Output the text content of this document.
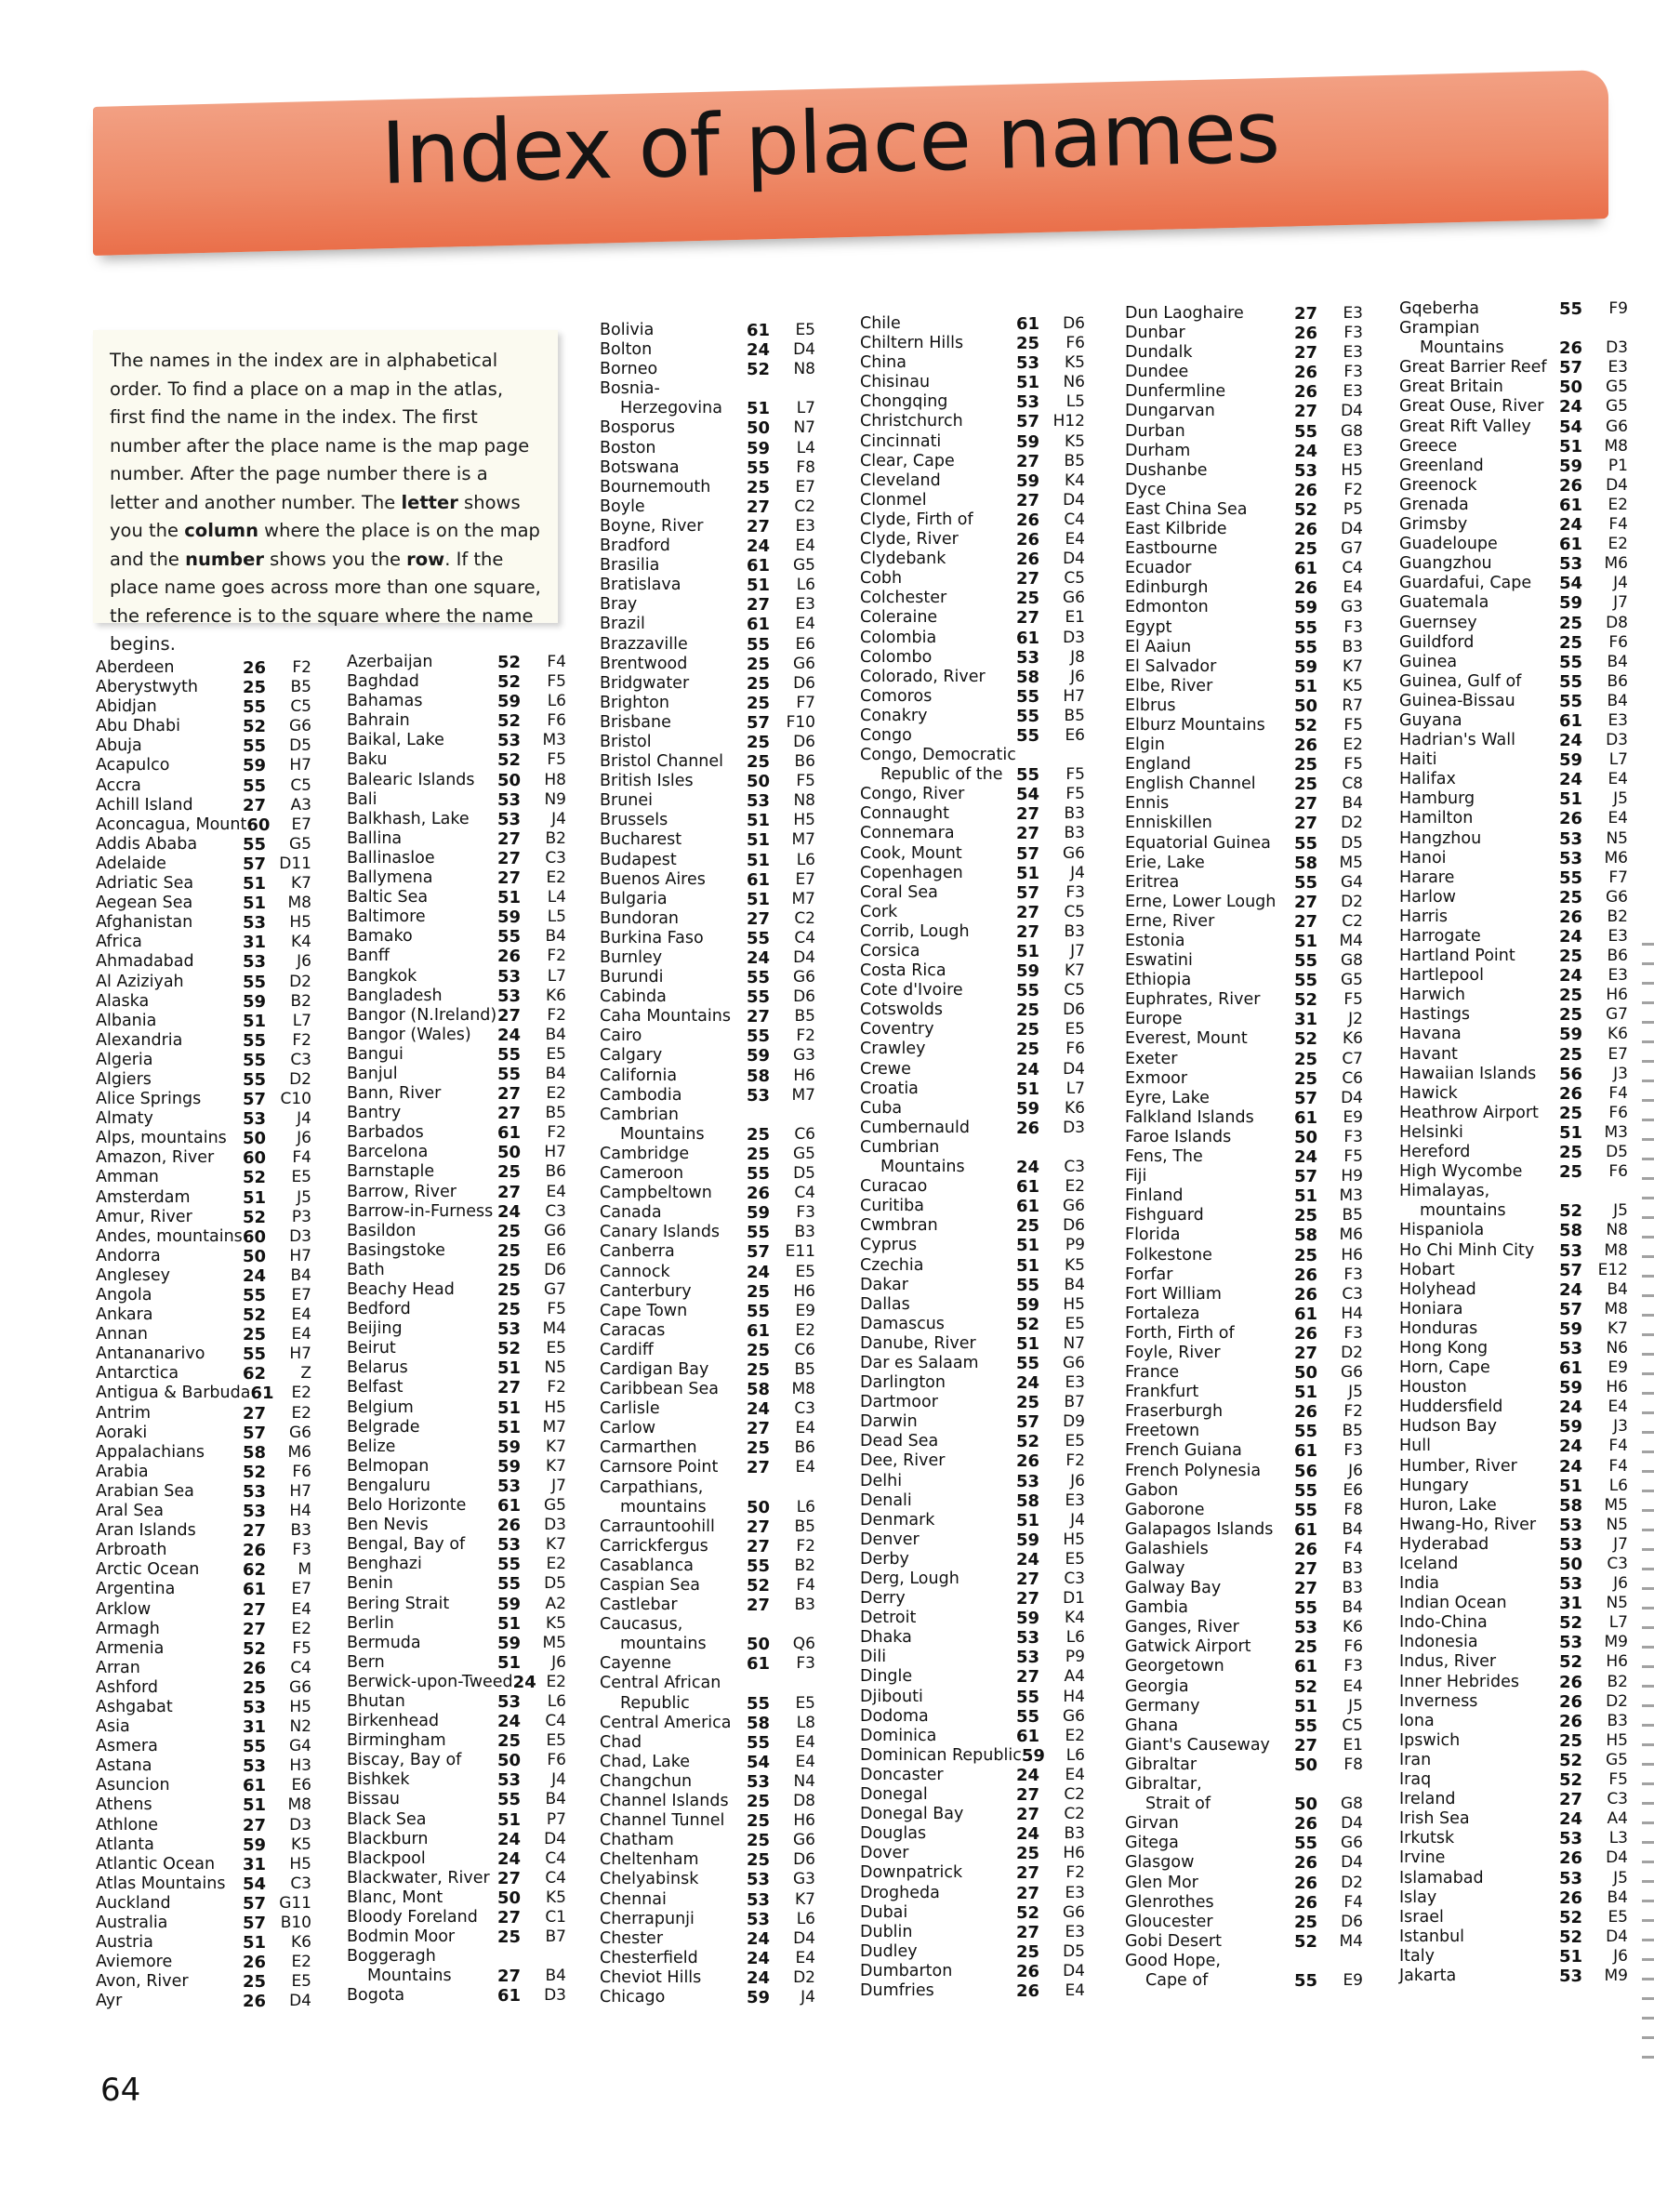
Index of place names
The names in the index are in alphabetical order. To find a place on a map in the atlas, first find the name in the index. The first number after the place name is the map page number. After the page number there is a letter and another number. The letter shows you the column where the place is on the map and the number shows you the row. If the place name goes across more than one square, the reference is to the square where the name begins.
Aberdeen	26	F2
Aberystwyth	25	B5
Abidjan	55	C5
Abu Dhabi	52	G6
Abuja	55	D5
Acapulco	59	H7
Accra	55	C5
Achill Island	27	A3
Aconcagua, Mount 60	E7
Addis Ababa	55	G5
Adelaide	57 D11
Adriatic Sea	51	K7
Aegean Sea	51	M8
Afghanistan	53	H5
Africa	31	K4
Ahmadabad	53	J6
Al Aziziyah	55	D2
Alaska	59	B2
Albania	51	L7
Alexandria	55	F2
Algeria	55	C3
Algiers	55	D2
Alice Springs	57 C10
Almaty	53	J4
Alps, mountains 50	J6
Amazon, River	60	F4
Amman	52	E5
Amsterdam	51	J5
Amur, River	52	P3
Andes, mountains 60	D3
Andorra	50	H7
Anglesey	24	B4
Angola	55	E7
Ankara	52	E4
Annan	25	E4
Antananarivo	55	H7
Antarctica	62	Z
Antigua & Barbuda 61	E2
Antrim	27	E2
Aoraki	57	G6
Appalachians	58	M6
Arabia	52	F6
Arabian Sea	53	H7
Aral Sea	53	H4
Aran Islands	27	B3
Arbroath	26	F3
Arctic Ocean	62	M
Argentina	61	E7
Arklow	27	E4
Armagh	27	E2
Armenia	52	F5
Arran	26	C4
Ashford	25	G6
Ashgabat	53	H5
Asia	31	N2
Asmera	55	G4
Astana	53	H3
Asuncion	61	E6
Athens	51	M8
Athlone	27	D3
Atlanta	59	K5
Atlantic Ocean	31	H5
Atlas Mountains	54	C3
Auckland	57 G11
Australia	57 B10
Austria	51	K6
Aviemore	26	E2
Avon, River	25	E5
Ayr	26	D4
Azerbaijan	52	F4
Baghdad	52	F5
Bahamas	59	L6
Bahrain	52	F6
Baikal, Lake	53	M3
Baku	52	F5
Balearic Islands	50	H8
Bali	53	N9
Balkhash, Lake	53	J4
Ballina	27	B2
Ballinasloe	27	C3
Ballymena	27	E2
Baltic Sea	51	L4
Baltimore	59	L5
Bamako	55	B4
Banff	26	F2
Bangkok	53	L7
Bangladesh	53	K6
Bangor (N.Ireland) 27	F2
Bangor (Wales)	24	B4
Bangui	55	E5
Banjul	55	B4
Bann, River	27	E2
Bantry	27	B5
Barbados	61	F2
Barcelona	50	H7
Barnstaple	25	B6
Barrow, River	27	E4
Barrow-in-Furness 24	C3
Basildon	25	G6
Basingstoke	25	E6
Bath	25	D6
Beachy Head	25	G7
Bedford	25	F5
Beijing	53	M4
Beirut	52	E5
Belarus	51	N5
Belfast	27	F2
Belgium	51	H5
Belgrade	51	M7
Belize	59	K7
Belmopan	59	K7
Bengaluru	53	J7
Belo Horizonte	61	G5
Ben Nevis	26	D3
Bengal, Bay of	53	K7
Benghazi	55	E2
Benin	55	D5
Bering Strait	59	A2
Berlin	51	K5
Bermuda	59	M5
Bern	51	J6
Berwick-upon-Tweed 24 E2
Bhutan	53	L6
Birkenhead	24	C4
Birmingham	25	E5
Biscay, Bay of	50	F6
Bishkek	53	J4
Bissau	55	B4
Black Sea	51	P7
Blackburn	24	D4
Blackpool	24	C4
Blackwater, River 27	C4
Blanc, Mont	50	K5
Bloody Foreland	27	C1
Bodmin Moor	25	B7
Boggeragh
Mountains	27	B4
Bogota	61	D3
Bolivia	61	E5
Bolton	24	D4
Borneo	52	N8
Bosnia-
Herzegovina	51	L7
Bosporus	50	N7
Boston	59	L4
Botswana	55	F8
Bournemouth	25	E7
Boyle	27	C2
Boyne, River	27	E3
Bradford	24	E4
Brasilia	61	G5
Bratislava	51	L6
Bray	27	E3
Brazil	61	E4
Brazzaville	55	E6
Brentwood	25	G6
Bridgwater	25	D6
Brighton	25	F7
Brisbane	57	F10
Bristol	25	D6
Bristol Channel	25	B6
British Isles	50	F5
Brunei	53	N8
Brussels	51	H5
Bucharest	51	M7
Budapest	51	L6
Buenos Aires	61	E7
Bulgaria	51	M7
Bundoran	27	C2
Burkina Faso	55	C4
Burnley	24	D4
Burundi	55	G6
Cabinda	55	D6
Caha Mountains 27	B5
Cairo	55	F2
Calgary	59	G3
California	58	H6
Cambodia	53	M7
Cambrian
Mountains	25	C6
Cambridge	25	G5
Cameroon	55	D5
Campbeltown	26	C4
Canada	59	F3
Canary Islands	55	B3
Canberra	57 E11
Cannock	24	E5
Canterbury	25	H6
Cape Town	55	E9
Caracas	61	E2
Cardiff	25	C6
Cardigan Bay	25	B5
Caribbean Sea	58	M8
Carlisle	24	C3
Carlow	27	E4
Carmarthen	25	B6
Carnsore Point	27	E4
Carpathians,
mountains	50	L6
Carrauntoohill	27	B5
Carrickfergus	27	F2
Casablanca	55	B2
Caspian Sea	52	F4
Castlebar	27	B3
Caucasus,
mountains	50	Q6
Cayenne	61	F3
Central African
Republic	55	E5
Central America 58	L8
Chad	55	E4
Chad, Lake	54	E4
Changchun	53	N4
Channel Islands	25	D8
Channel Tunnel	25	H6
Chatham	25	G6
Cheltenham	25	D6
Chelyabinsk	53	G3
Chennai	53	K7
Cherrapunji	53	L6
Chester	24	D4
Chesterfield	24	E4
Cheviot Hills	24	D2
Chicago	59	J4
Chile	61	D6
Chiltern Hills	25	F6
China	53	K5
Chisinau	51	N6
Chongqing	53	L5
Christchurch	57 H12
Cincinnati	59	K5
Clear, Cape	27	B5
Cleveland	59	K4
Clonmel	27	D4
Clyde, Firth of	26	C4
Clyde, River	26	E4
Clydebank	26	D4
Cobh	27	C5
Colchester	25	G6
Coleraine	27	E1
Colombia	61	D3
Colombo	53	J8
Colorado, River	58	J6
Comoros	55	H7
Conakry	55	B5
Congo	55	E6
Congo, Democratic
Republic of the 55	F5
Congo, River	54	F5
Connaught	27	B3
Connemara	27	B3
Cook, Mount	57	G6
Copenhagen	51	J4
Coral Sea	57	F3
Cork	27	C5
Corrib, Lough	27	B3
Corsica	51	J7
Costa Rica	59	K7
Cote d'Ivoire	55	C5
Cotswolds	25	D6
Coventry	25	E5
Crawley	25	F6
Crewe	24	D4
Croatia	51	L7
Cuba	59	K6
Cumbernauld	26	D3
Cumbrian
Mountains	24	C3
Curacao	61	E2
Curitiba	61	G6
Cwmbran	25	D6
Cyprus	51	P9
Czechia	51	K5
Dakar	55	B4
Dallas	59	H5
Damascus	52	E5
Danube, River	51	N7
Dar es Salaam	55	G6
Darlington	24	E3
Dartmoor	25	B7
Darwin	57	D9
Dead Sea	52	E5
Dee, River	26	F2
Delhi	53	J6
Denali	58	E3
Denmark	51	J4
Denver	59	H5
Derby	24	E5
Derg, Lough	27	C3
Derry	27	D1
Detroit	59	K4
Dhaka	53	L6
Dili	53	P9
Dingle	27	A4
Djibouti	55	H4
Dodoma	55	G6
Dominica	61	E2
Dominican Republic 59	L6
Doncaster	24	E4
Donegal	27	C2
Donegal Bay	27	C2
Douglas	24	B3
Dover	25	H6
Downpatrick	27	F2
Drogheda	27	E3
Dubai	52	G6
Dublin	27	E3
Dudley	25	D5
Dumbarton	26	D4
Dumfries	26	E4
Dun Laoghaire	27	E3
Dunbar	26	F3
Dundalk	27	E3
Dundee	26	F3
Dunfermline	26	E3
Dungarvan	27	D4
Durban	55	G8
Durham	24	E3
Dushanbe	53	H5
Dyce	26	F2
East China Sea	52	P5
East Kilbride	26	D4
Eastbourne	25	G7
Ecuador	61	C4
Edinburgh	26	E4
Edmonton	59	G3
Egypt	55	F3
El Aaiun	55	B3
El Salvador	59	K7
Elbe, River	51	K5
Elbrus	50	R7
Elburz Mountains	52	F5
Elgin	26	E2
England	25	F5
English Channel	25	C8
Ennis	27	B4
Enniskillen	27	D2
Equatorial Guinea	55	D5
Erie, Lake	58	M5
Eritrea	55	G4
Erne, Lower Lough	27	D2
Erne, River	27	C2
Estonia	51	M4
Eswatini	55	G8
Ethiopia	55	G5
Euphrates, River	52	F5
Europe	31	J2
Everest, Mount	52	K6
Exeter	25	C7
Exmoor	25	C6
Eyre, Lake	57	D4
Falkland Islands	61	E9
Faroe Islands	50	F3
Fens, The	24	F5
Fiji	57	H9
Finland	51	M3
Fishguard	25	B5
Florida	58	M6
Folkestone	25	H6
Forfar	26	F3
Fort William	26	C3
Fortaleza	61	H4
Forth, Firth of	26	F3
Foyle, River	27	D2
France	50	G6
Frankfurt	51	J5
Fraserburgh	26	F2
Freetown	55	B5
French Guiana	61	F3
French Polynesia	56	J6
Gabon	55	E6
Gaborone	55	F8
Galapagos Islands	61	B4
Galashiels	26	F4
Galway	27	B3
Galway Bay	27	B3
Gambia	55	B4
Ganges, River	53	K6
Gatwick Airport	25	F6
Georgetown	61	F3
Georgia	52	E4
Germany	51	J5
Ghana	55	C5
Giant's Causeway	27	E1
Gibraltar	50	F8
Gibraltar,
Strait of	50	G8
Girvan	26	D4
Gitega	55	G6
Glasgow	26	D4
Glen Mor	26	D2
Glenrothes	26	F4
Gloucester	25	D6
Gobi Desert	52	M4
Good Hope,
Cape of	55	E9
Gqeberha	55	F9
Grampian
Mountains	26	D3
Great Barrier Reef 57	E3
Great Britain	50	G5
Great Ouse, River 24	G5
Great Rift Valley	54	G6
Greece	51	M8
Greenland	59	P1
Greenock	26	D4
Grenada	61	E2
Grimsby	24	F4
Guadeloupe	61	E2
Guangzhou	53	M6
Guardafui, Cape	54	J4
Guatemala	59	J7
Guernsey	25	D8
Guildford	25	F6
Guinea	55	B4
Guinea, Gulf of	55	B6
Guinea-Bissau	55	B4
Guyana	61	E3
Hadrian's Wall	24	D3
Haiti	59	L7
Halifax	24	E4
Hamburg	51	J5
Hamilton	26	E4
Hangzhou	53	N5
Hanoi	53	M6
Harare	55	F7
Harlow	25	G6
Harris	26	B2
Harrogate	24	E3
Hartland Point	25	B6
Hartlepool	24	E3
Harwich	25	H6
Hastings	25	G7
Havana	59	K6
Havant	25	E7
Hawaiian Islands	56	J3
Hawick	26	F4
Heathrow Airport	25	F6
Helsinki	51	M3
Hereford	25	D5
High Wycombe	25	F6
Himalayas,
mountains	52	J5
Hispaniola	58	N8
Ho Chi Minh City	53	M8
Hobart	57 E12
Holyhead	24	B4
Honiara	57	M8
Honduras	59	K7
Hong Kong	53	N6
Horn, Cape	61	E9
Houston	59	H6
Huddersfield	24	E4
Hudson Bay	59	J3
Hull	24	F4
Humber, River	24	F4
Hungary	51	L6
Huron, Lake	58	M5
Hwang-Ho, River	53	N5
Hyderabad	53	J7
Iceland	50	C3
India	53	J6
Indian Ocean	31	N5
Indo-China	52	L7
Indonesia	53	M9
Indus, River	52	H6
Inner Hebrides	26	B2
Inverness	26	D2
Iona	26	B3
Ipswich	25	H5
Iran	52	G5
Iraq	52	F5
Ireland	27	C3
Irish Sea	24	A4
Irkutsk	53	L3
Irvine	26	D4
Islamabad	53	J5
Islay	26	B4
Israel	52	E5
Istanbul	52	D4
Italy	51	J6
Jakarta	53	M9
64
